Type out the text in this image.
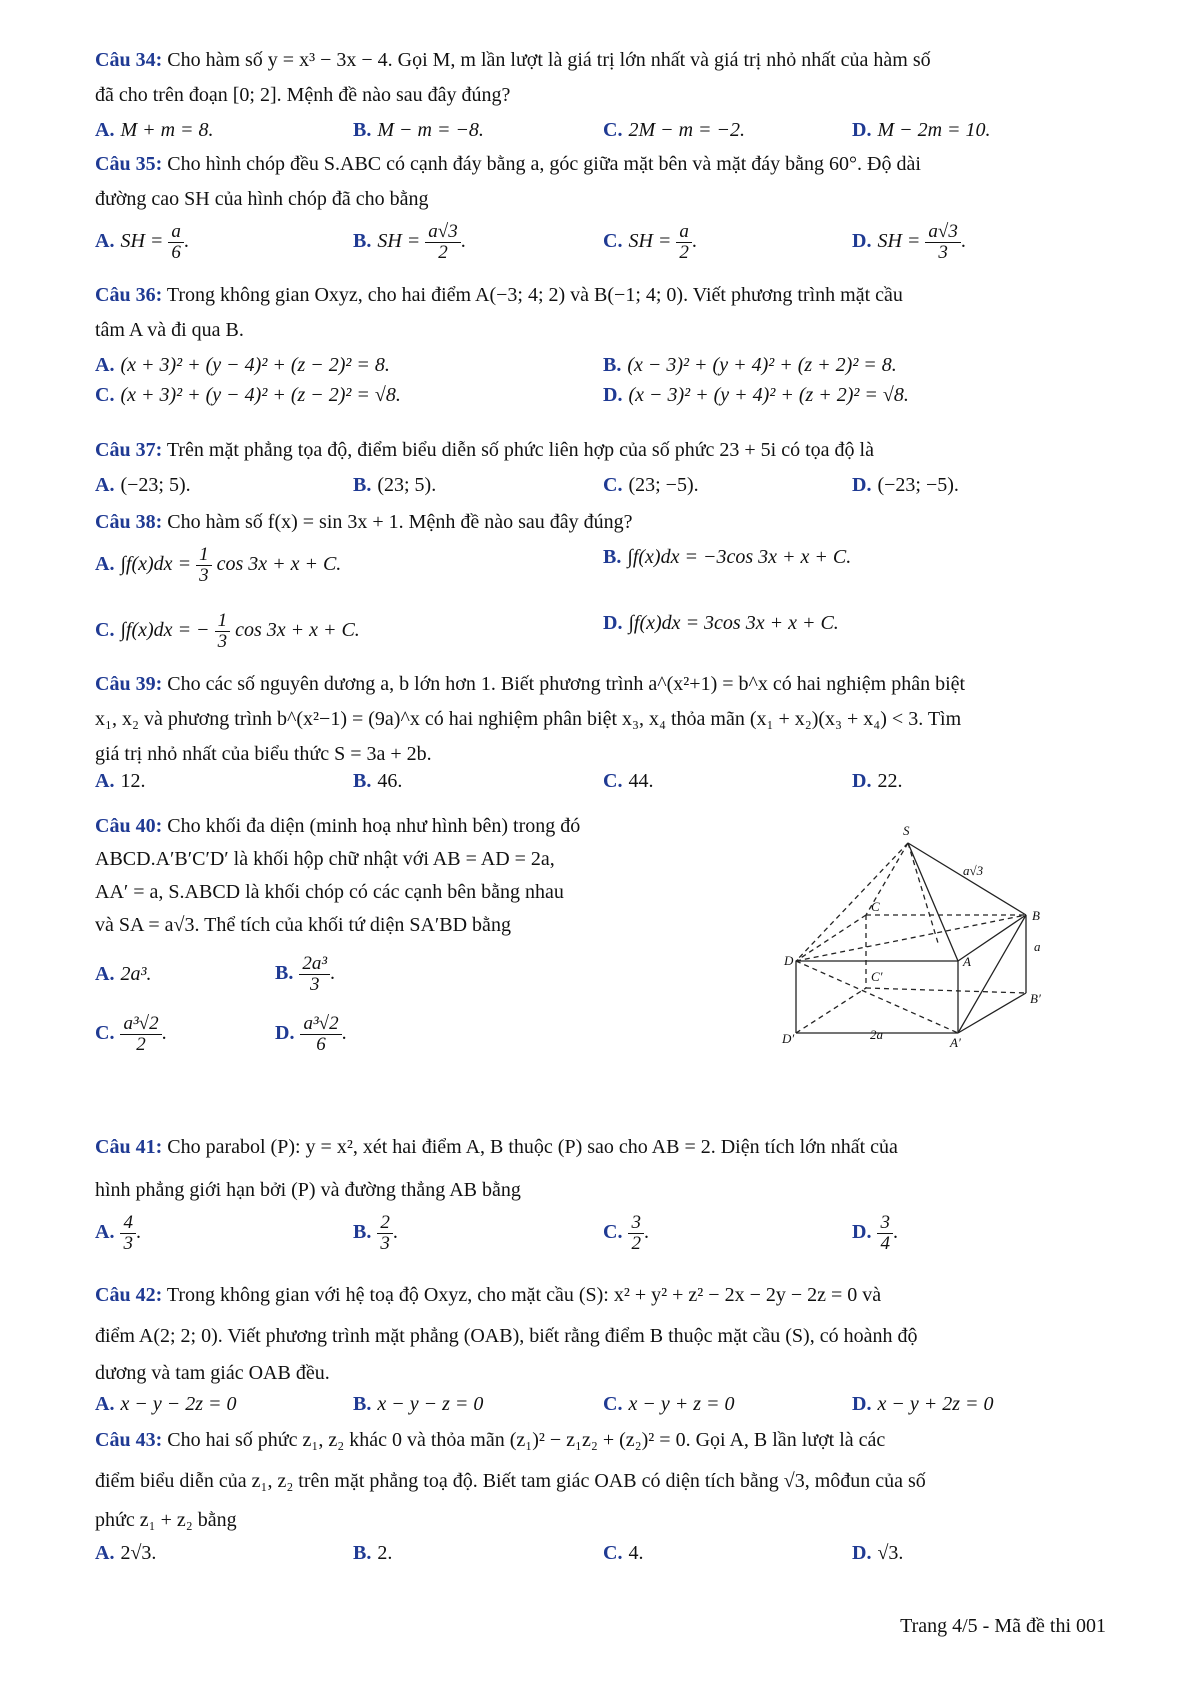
Câu 34: Cho hàm số y = x³ − 3x − 4. Gọi M, m lần lượt là giá trị lớn nhất và giá trị nhỏ nhất của hàm số
đã cho trên đoạn [0; 2]. Mệnh đề nào sau đây đúng?

A. M + m = 8.	B. M − m = −8.	C. 2M − m = −2.	D. M − 2m = 10.

Câu 35: Cho hình chóp đều S.ABC có cạnh đáy bằng a, góc giữa mặt bên và mặt đáy bằng 60°. Độ dài
đường cao SH của hình chóp đã cho bằng

A. SH = $\frac{a}{6}$ .	B. SH = $\frac{a√3}{2}$ .	C. SH = $\frac{a}{2}$ .	D. SH = $\frac{a√3}{3}$ .

Câu 36: Trong không gian Oxyz, cho hai điểm A(−3; 4; 2) và B(−1; 4; 0). Viết phương trình mặt cầu
tâm A và đi qua B.

A. (x + 3)² + (y − 4)² + (z − 2)² = 8.	B. (x − 3)² + (y + 4)² + (z + 2)² = 8.
C. (x + 3)² + (y − 4)² + (z − 2)² = √8.	D. (x − 3)² + (y + 4)² + (z + 2)² = √8.

Câu 37: Trên mặt phẳng tọa độ, điểm biểu diễn số phức liên hợp của số phức 23 + 5i có tọa độ là

A. (−23; 5).	B. (23; 5).	C. (23; −5).	D. (−23; −5).

Câu 38: Cho hàm số f(x) = sin 3x + 1. Mệnh đề nào sau đây đúng?

A. $\int f(x)dx = \frac{1}{3}$ cos 3x + x + C.	B. ∫f(x)dx = −3cos 3x + x + C.
C. ∫f(x)dx = − $\frac{1}{3}$ cos 3x + x + C.	D. ∫f(x)dx = 3cos 3x + x + C.

Câu 39: Cho các số nguyên dương a, b lớn hơn 1. Biết phương trình a^(x²+1) = b^x có hai nghiệm phân biệt
x₁, x₂ và phương trình b^(x²−1) = (9a)^x có hai nghiệm phân biệt x₃, x₄ thỏa mãn (x₁ + x₂)(x₃ + x₄) < 3. Tìm
giá trị nhỏ nhất của biểu thức S = 3a + 2b.

A. 12.	B. 46.	C. 44.	D. 22.

Câu 40: Cho khối đa diện (minh hoạ như hình bên) trong đó
ABCD.A′B′C′D′ là khối hộp chữ nhật với AB = AD = 2a,
AA′ = a, S.ABCD là khối chóp có các cạnh bên bằng nhau
và SA = a√3. Thể tích của khối tứ diện SA′BD bằng

A. 2a³.	B. $\frac{\text{2a³}}{3}$ .
C. $\frac{\text{a³√2}}{2}$ .	D. $\frac{\text{a³√2}}{6}$ .
S
a√3
C
B
a
D	A
C′
B′
D′	2a
A′

Câu 41: Cho parabol (P): y = x², xét hai điểm A, B thuộc (P) sao cho AB = 2. Diện tích lớn nhất của
hình phẳng giới hạn bởi (P) và đường thẳng AB bằng

A. $\frac{4}{3}$ .	B. $\frac{2}{3}$ .	C. $\frac{3}{2}$ .	D. $\frac{3}{4}$ .

Câu 42: Trong không gian với hệ toạ độ Oxyz, cho mặt cầu (S): x² + y² + z² − 2x − 2y − 2z = 0 và
điểm A(2; 2; 0). Viết phương trình mặt phẳng (OAB), biết rằng điểm B thuộc mặt cầu (S), có hoành độ
dương và tam giác OAB đều.

A. x − y − 2z = 0	B. x − y − z = 0	C. x − y + z = 0	D. x − y + 2z = 0

Câu 43: Cho hai số phức z₁, z₂ khác 0 và thỏa mãn (z₁)² − z₁z₂ + (z₂)² = 0. Gọi A, B lần lượt là các
điểm biểu diễn của z₁, z₂ trên mặt phẳng toạ độ. Biết tam giác OAB có diện tích bằng √3, môđun của số
phức z₁ + z₂ bằng

A. 2√3.	B. 2.	C. 4.	D. √3.
Trang 4/5 - Mã đề thi 001
